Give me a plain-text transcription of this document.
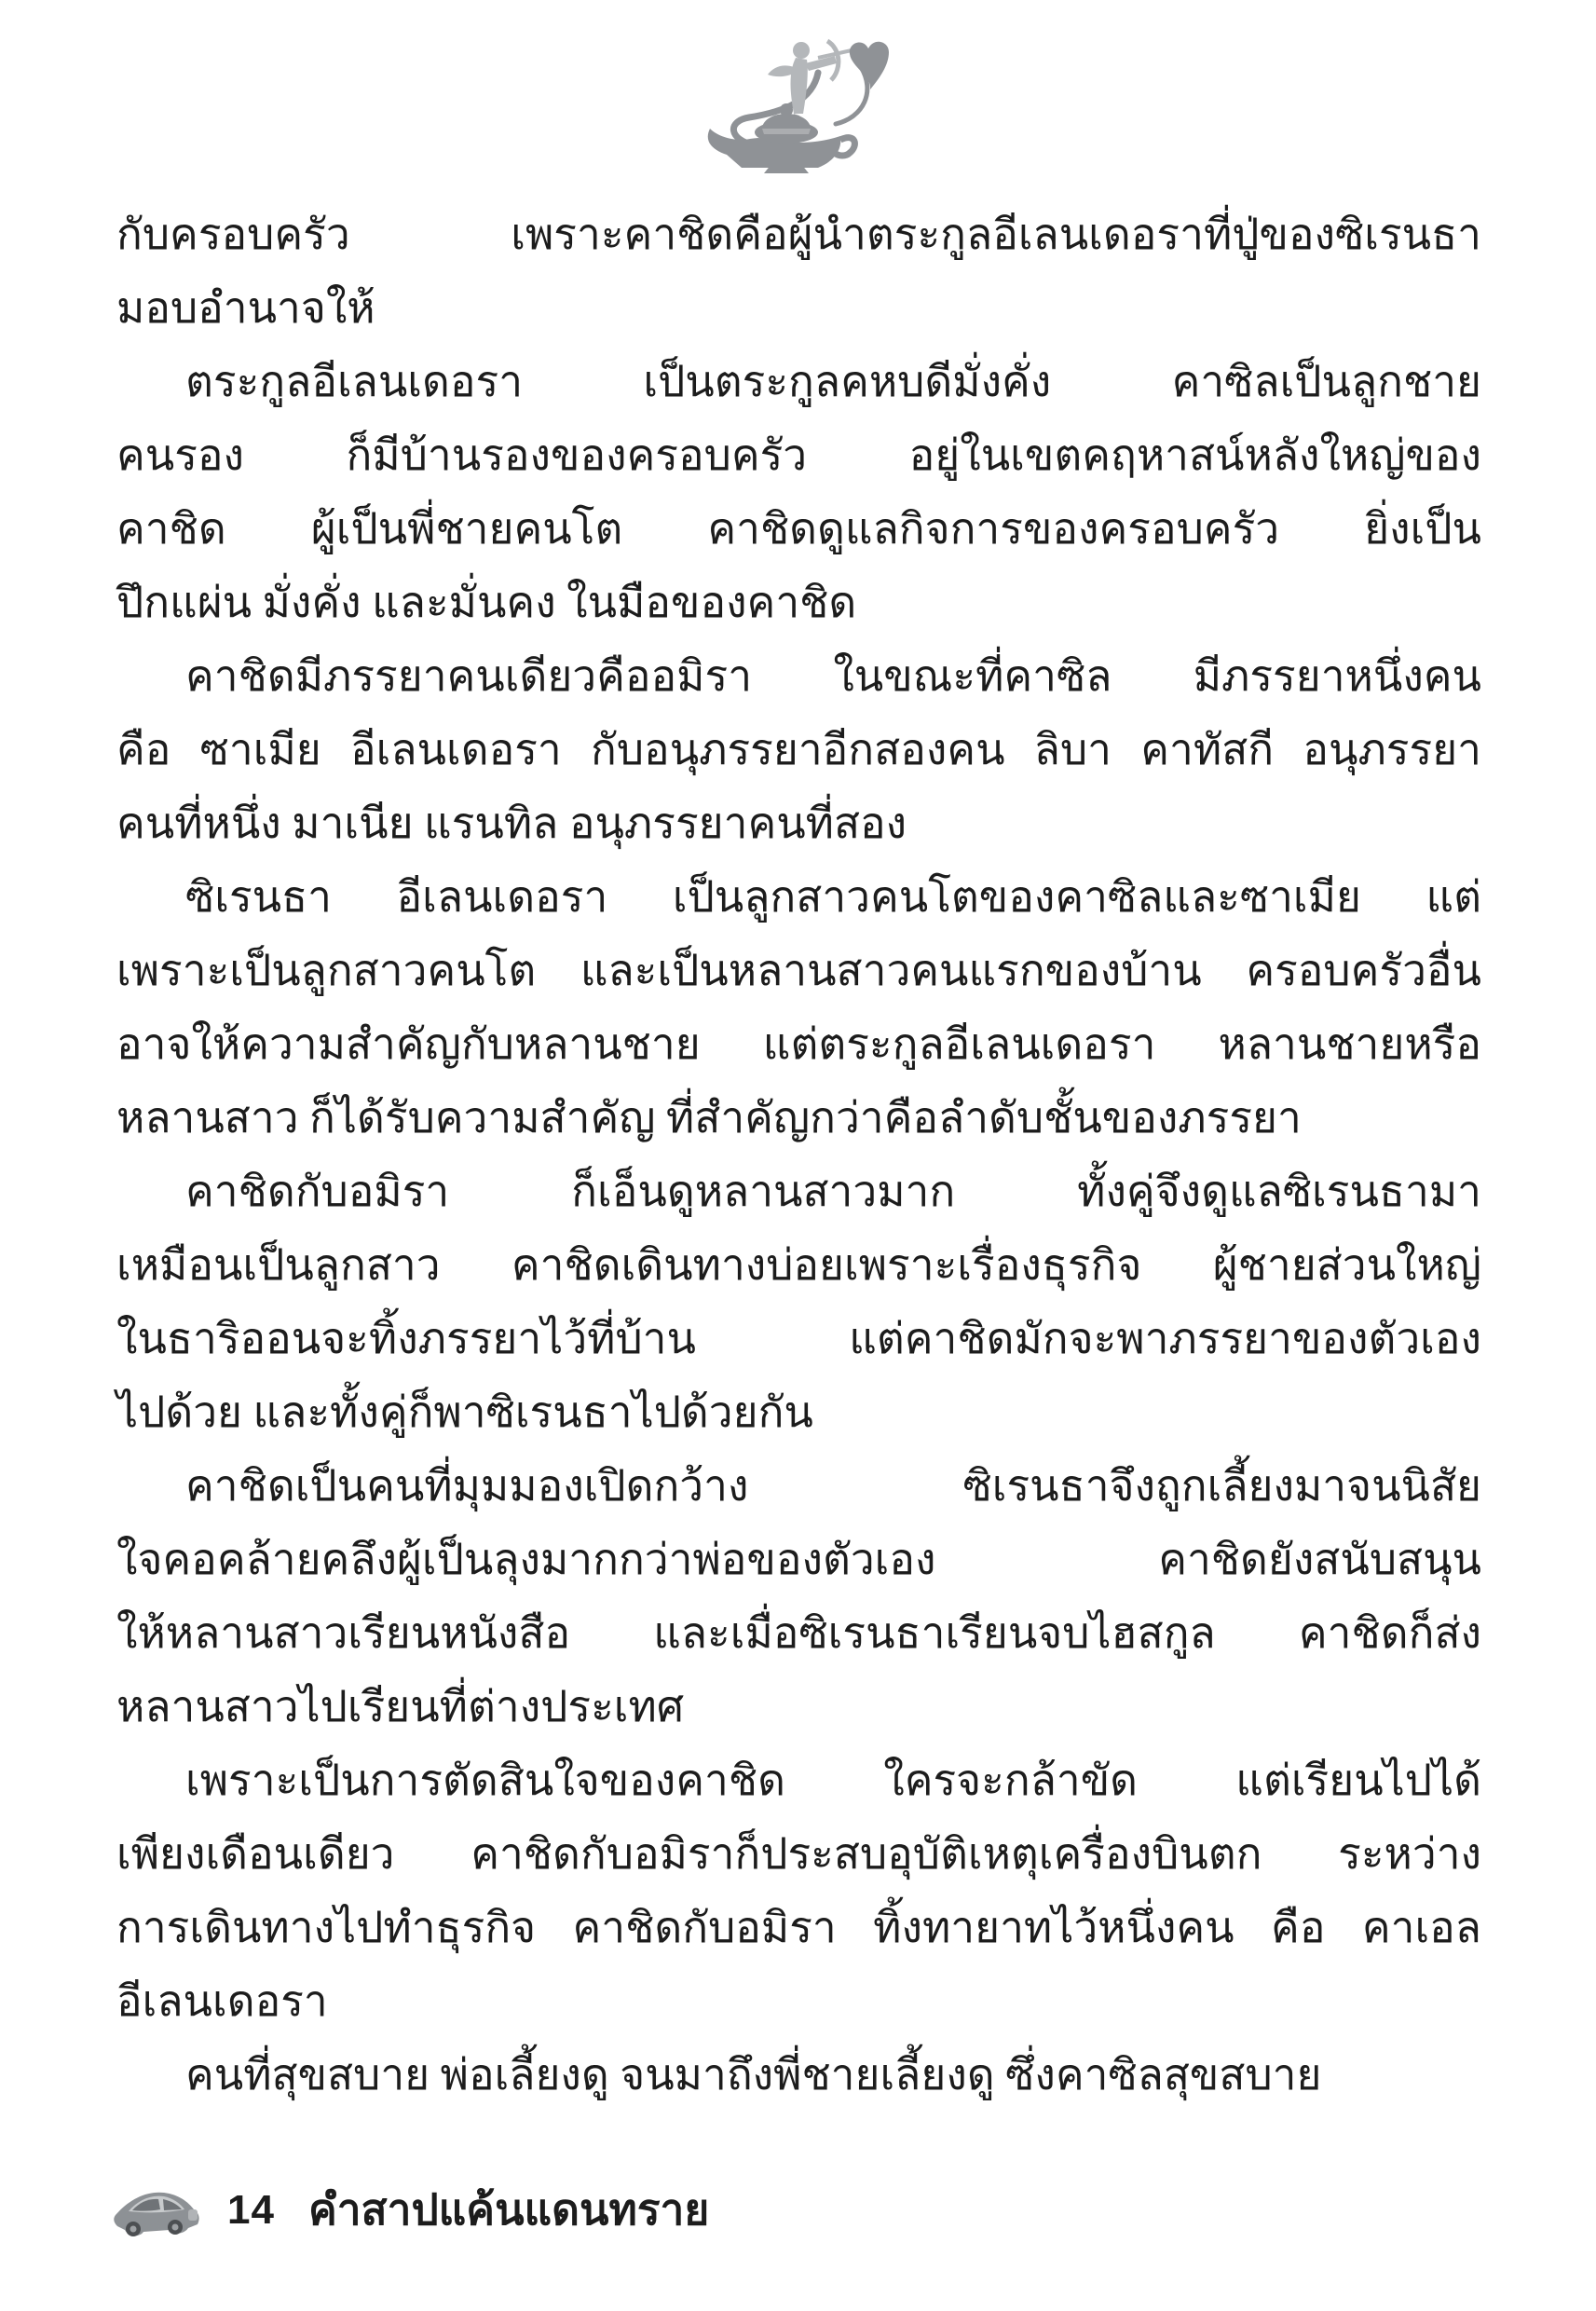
กับครอบครัว เพราะคาชิดคือผู้นำตระกูลอีเลนเดอราที่ปู่ของซิเรนธา
มอบอำนาจให้
ตระกูลอีเลนเดอรา เป็นตระกูลคหบดีมั่งคั่ง คาซิลเป็นลูกชาย
คนรอง ก็มีบ้านรองของครอบครัว อยู่ในเขตคฤหาสน์หลังใหญ่ของ
คาชิด ผู้เป็นพี่ชายคนโต คาชิดดูแลกิจการของครอบครัว ยิ่งเป็น
ปึกแผ่น มั่งคั่ง และมั่นคง ในมือของคาชิด
คาชิดมีภรรยาคนเดียวคืออมิรา ในขณะที่คาซิล มีภรรยาหนึ่งคน
คือ ซาเมีย อีเลนเดอรา กับอนุภรรยาอีกสองคน ลิบา คาทัสกี อนุภรรยา
คนที่หนึ่ง มาเนีย แรนทิล อนุภรรยาคนที่สอง
ซิเรนธา อีเลนเดอรา เป็นลูกสาวคนโตของคาซิลและซาเมีย แต่
เพราะเป็นลูกสาวคนโต และเป็นหลานสาวคนแรกของบ้าน ครอบครัวอื่น
อาจให้ความสำคัญกับหลานชาย แต่ตระกูลอีเลนเดอรา หลานชายหรือ
หลานสาว ก็ได้รับความสำคัญ ที่สำคัญกว่าคือลำดับชั้นของภรรยา
คาชิดกับอมิรา ก็เอ็นดูหลานสาวมาก ทั้งคู่จึงดูแลซิเรนธามา
เหมือนเป็นลูกสาว คาชิดเดินทางบ่อยเพราะเรื่องธุรกิจ ผู้ชายส่วนใหญ่
ในธาริออนจะทิ้งภรรยาไว้ที่บ้าน แต่คาชิดมักจะพาภรรยาของตัวเอง
ไปด้วย และทั้งคู่ก็พาซิเรนธาไปด้วยกัน
คาชิดเป็นคนที่มุมมองเปิดกว้าง ซิเรนธาจึงถูกเลี้ยงมาจนนิสัย
ใจคอคล้ายคลึงผู้เป็นลุงมากกว่าพ่อของตัวเอง คาชิดยังสนับสนุน
ให้หลานสาวเรียนหนังสือ และเมื่อซิเรนธาเรียนจบไฮสกูล คาชิดก็ส่ง
หลานสาวไปเรียนที่ต่างประเทศ
เพราะเป็นการตัดสินใจของคาชิด ใครจะกล้าขัด แต่เรียนไปได้
เพียงเดือนเดียว คาชิดกับอมิราก็ประสบอุบัติเหตุเครื่องบินตก ระหว่าง
การเดินทางไปทำธุรกิจ คาชิดกับอมิรา ทิ้งทายาทไว้หนึ่งคน คือ คาเอล
อีเลนเดอรา
คนที่สุขสบาย พ่อเลี้ยงดู จนมาถึงพี่ชายเลี้ยงดู ซึ่งคาซิลสุขสบาย
14 คำสาปแค้นแดนทราย
